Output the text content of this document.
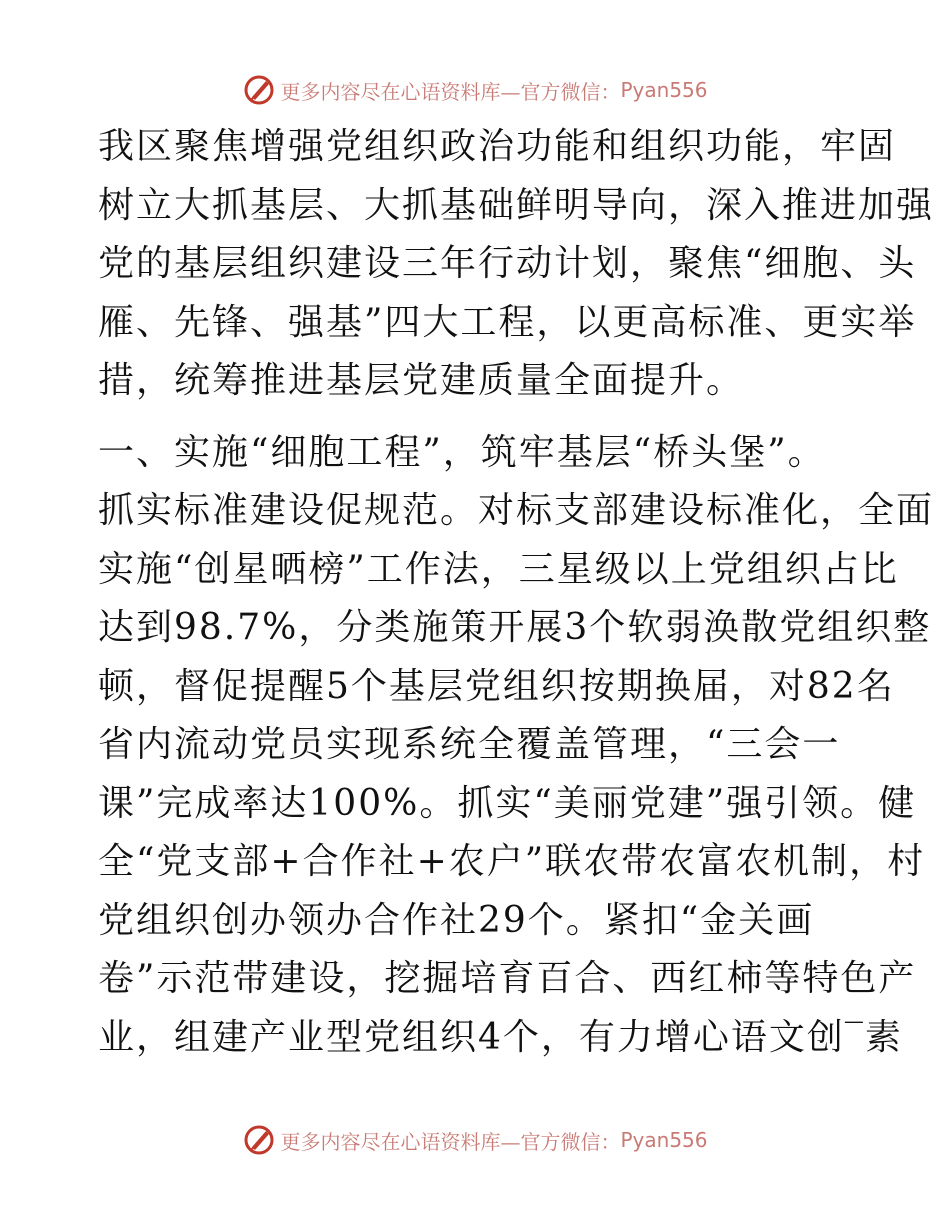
更多内容尽在心语资料库—官方微信： Pyan556
我区聚焦增强党组织政治功能和组织功能，牢固
树立大抓基层、大抓基础鲜明导向，深入推进加强
党的基层组织建设三年行动计划，聚焦“细胞、头
雁、先锋、强基”四大工程，以更高标准、更实举
措，统筹推进基层党建质量全面提升。
一、实施“细胞工程”，筑牢基层“桥头堡”。
抓实标准建设促规范。对标支部建设标准化，全面
实施“创星晒榜”工作法，三星级以上党组织占比
达到98.7%，分类施策开展3个软弱涣散党组织整
顿，督促提醒5个基层党组织按期换届，对82名
省内流动党员实现系统全覆盖管理，“三会一
课”完成率达100%。抓实“美丽党建”强引领。健
全“党支部+合作社+农户”联农带农富农机制，村
党组织创办领办合作社29个。紧扣“金关画
卷”示范带建设，挖掘培育百合、西红柿等特色产
业，组建产业型党组织4个，有力增心语文创‾素
更多内容尽在心语资料库—官方微信： Pyan556
